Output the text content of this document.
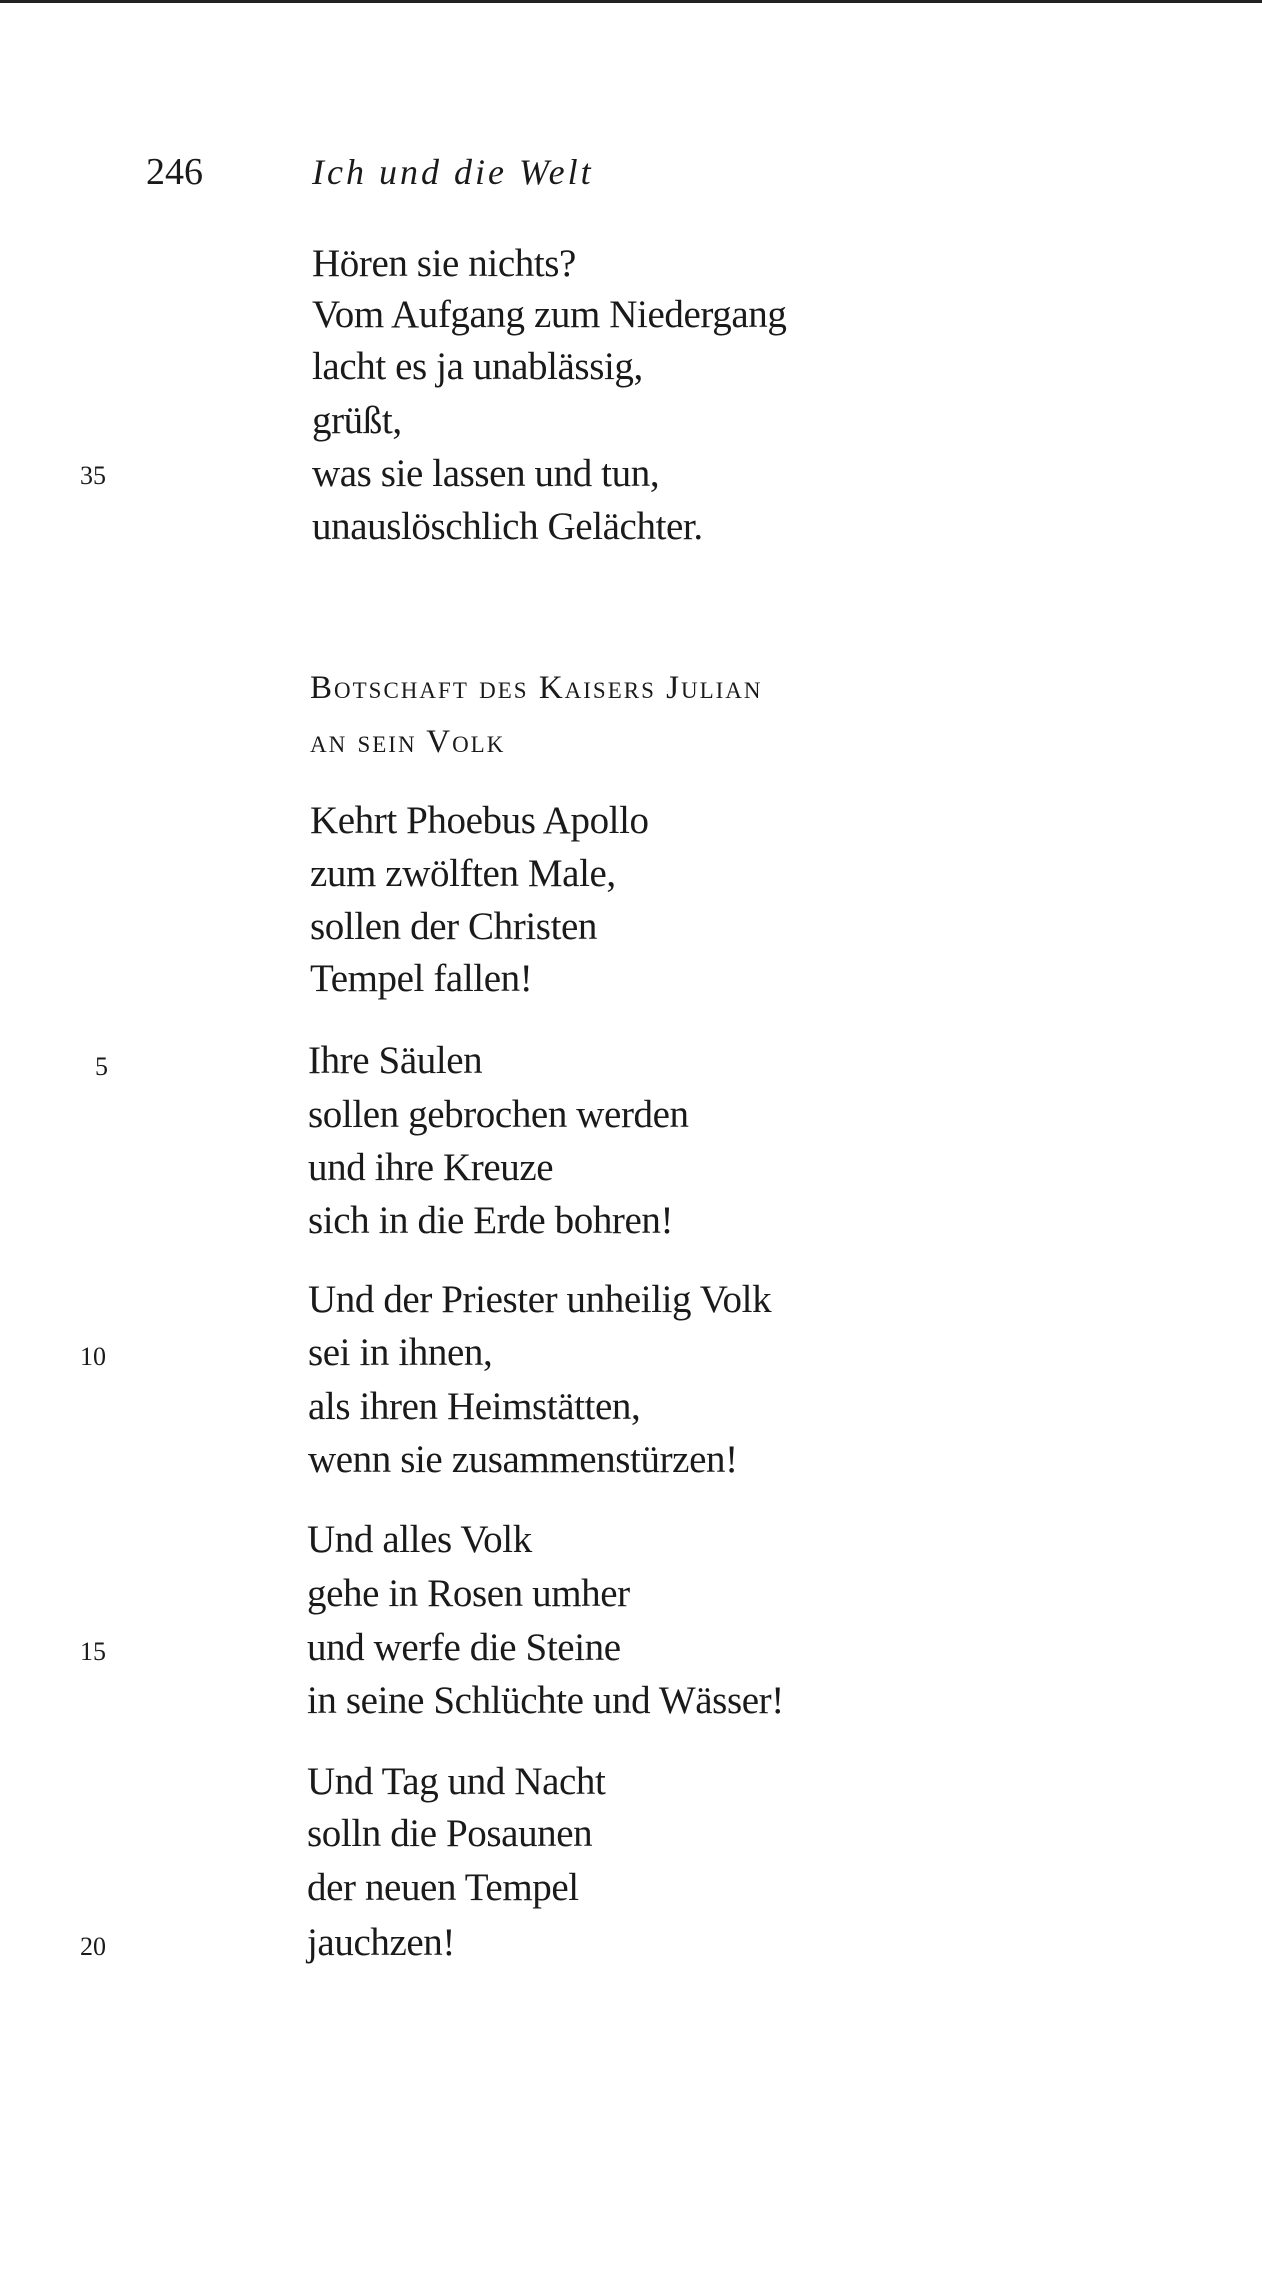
246	Ich und die Welt
Hören sie nichts?
Vom Aufgang zum Niedergang
lacht es ja unablässig,
grüßt,
was sie lassen und tun,
unauslöschlich Gelächter.
35
Botschaft des Kaisers Julian
an sein Volk
Kehrt Phoebus Apollo
zum zwölften Male,
sollen der Christen
Tempel fallen!
Ihre Säulen
sollen gebrochen werden
und ihre Kreuze
sich in die Erde bohren!
5
Und der Priester unheilig Volk
sei in ihnen,
als ihren Heimstätten,
wenn sie zusammenstürzen!
10
Und alles Volk
gehe in Rosen umher
und werfe die Steine
in seine Schlüchte und Wässer!
15
Und Tag und Nacht
solln die Posaunen
der neuen Tempel
jauchzen!
20
